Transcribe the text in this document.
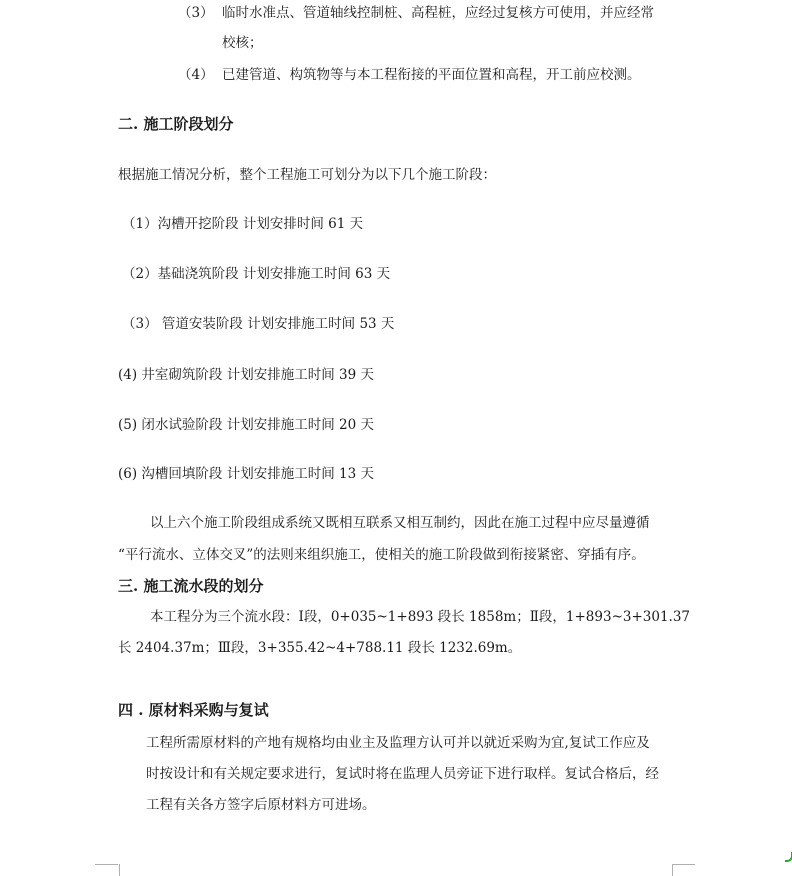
（3） 临时水准点、管道轴线控制桩、高程桩，应经过复核方可使用，并应经常
校核；
（4） 已建管道、构筑物等与本工程衔接的平面位置和高程，开工前应校测。
二. 施工阶段划分
根据施工情况分析，整个工程施工可划分为以下几个施工阶段：
（1）沟槽开挖阶段 计划安排时间 61 天
（2）基础浇筑阶段 计划安排施工时间 63 天
（3） 管道安装阶段 计划安排施工时间 53 天
(4) 井室砌筑阶段 计划安排施工时间 39 天
(5) 闭水试验阶段 计划安排施工时间 20 天
(6) 沟槽回填阶段 计划安排施工时间 13 天
以上六个施工阶段组成系统又既相互联系又相互制约，因此在施工过程中应尽量遵循
“平行流水、立体交叉”的法则来组织施工，使相关的施工阶段做到衔接紧密、穿插有序。
三. 施工流水段的划分
本工程分为三个流水段：Ⅰ段，0+035~1+893 段长 1858m；Ⅱ段，1+893~3+301.37
长 2404.37m；Ⅲ段，3+355.42~4+788.11 段长 1232.69m。
四 . 原材料采购与复试
工程所需原材料的产地有规格均由业主及监理方认可并以就近采购为宜,复试工作应及
时按设计和有关规定要求进行，复试时将在监理人员旁证下进行取样。复试合格后，经
工程有关各方签字后原材料方可进场。
